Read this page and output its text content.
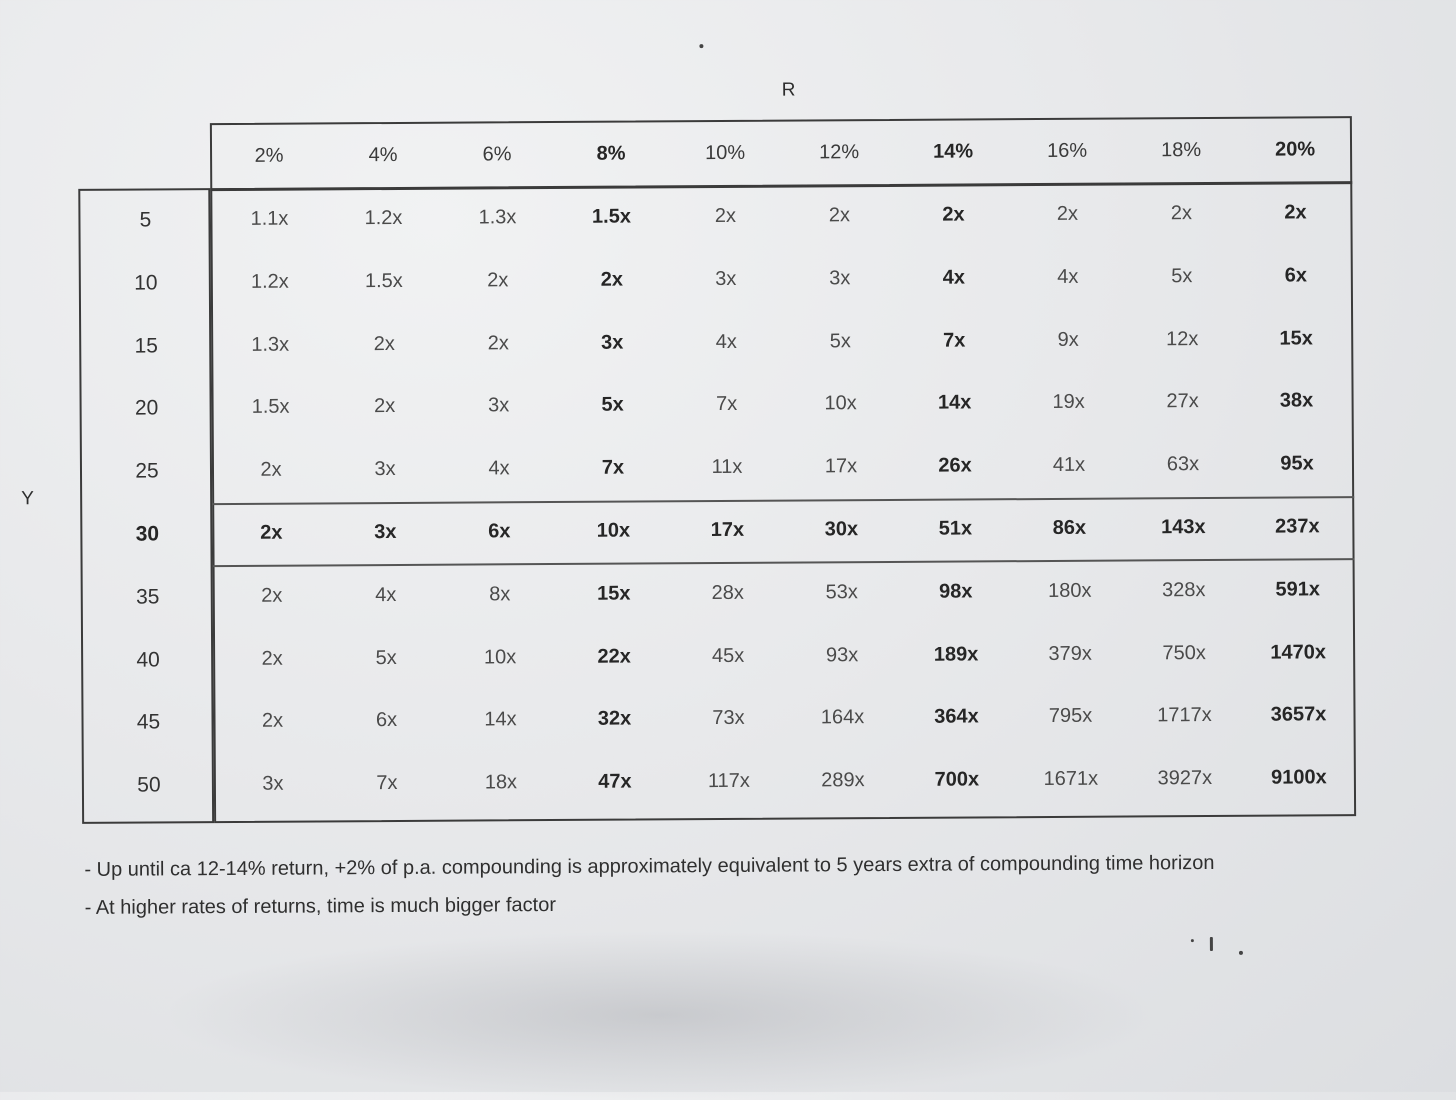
R
Y
2%	4%	6%	8%	10%	12%	14%	16%	18%	20%
5	1.1x	1.2x	1.3x	1.5x	2x	2x	2x	2x	2x	2x
10	1.2x	1.5x	2x	2x	3x	3x	4x	4x	5x	6x
15	1.3x	2x	2x	3x	4x	5x	7x	9x	12x	15x
20	1.5x	2x	3x	5x	7x	10x	14x	19x	27x	38x
25	2x	3x	4x	7x	11x	17x	26x	41x	63x	95x
30	2x	3x	6x	10x	17x	30x	51x	86x	143x	237x
35	2x	4x	8x	15x	28x	53x	98x	180x	328x	591x
40	2x	5x	10x	22x	45x	93x	189x	379x	750x	1470x
45	2x	6x	14x	32x	73x	164x	364x	795x	1717x	3657x
50	3x	7x	18x	47x	117x	289x	700x	1671x	3927x	9100x
- Up until ca 12-14% return, +2% of p.a. compounding is approximately equivalent to 5 years extra of compounding time horizon
- At higher rates of returns, time is much bigger factor
